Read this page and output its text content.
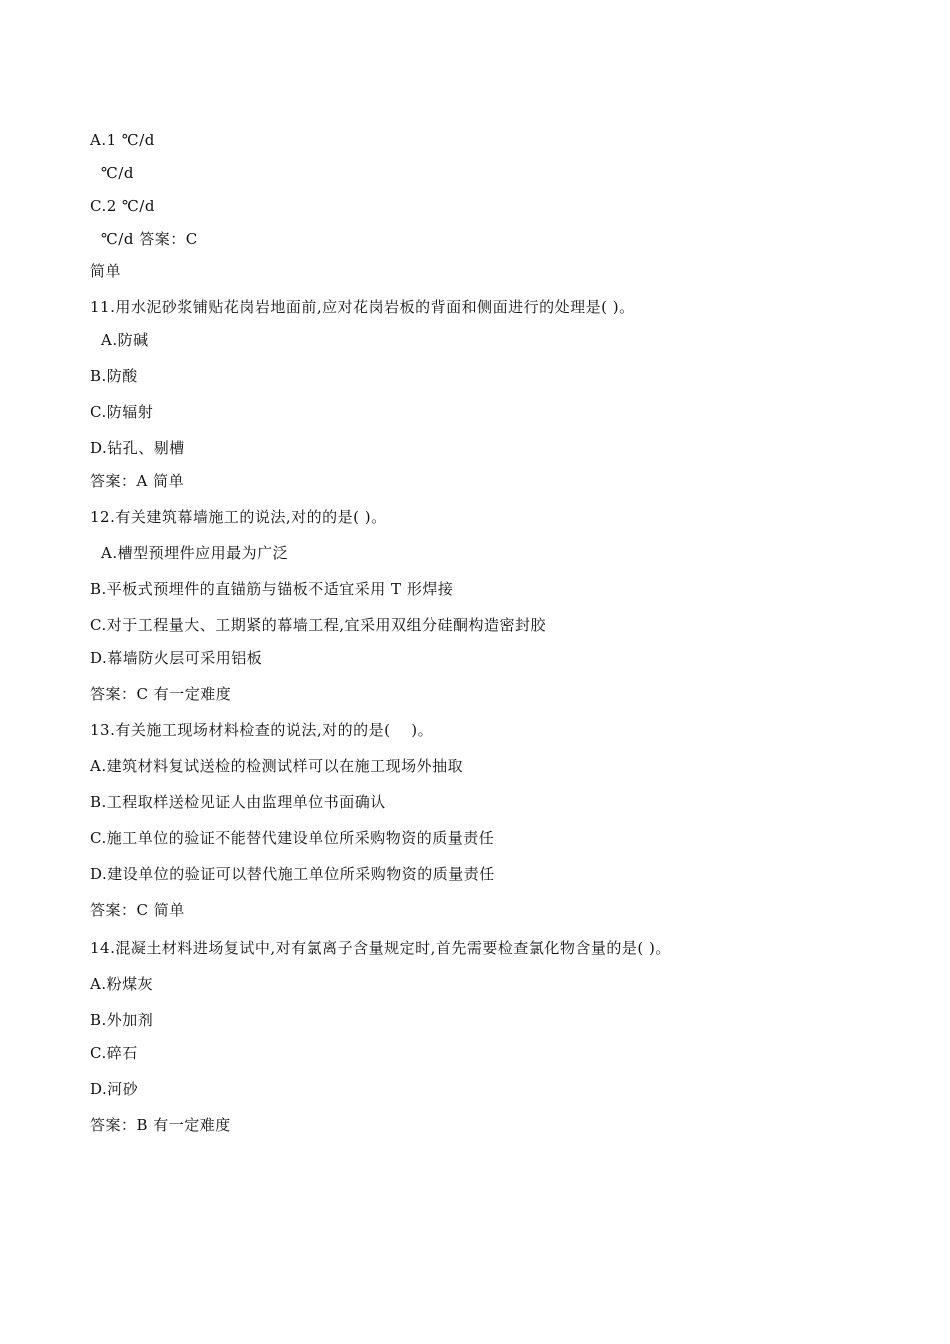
A.1 ℃/d
℃/d
C.2 ℃/d
℃/d 答案：C
简单
11.用水泥砂浆铺贴花岗岩地面前,应对花岗岩板的背面和侧面进行的处理是( )。
A.防碱
B.防酸
C.防辐射
D.钻孔、剔槽
答案：A 简单
12.有关建筑幕墙施工的说法,对的的是( )。
A.槽型预埋件应用最为广泛
B.平板式预埋件的直锚筋与锚板不适宜采用 T 形焊接
C.对于工程量大、工期紧的幕墙工程,宜采用双组分硅酮构造密封胶
D.幕墙防火层可采用铝板
答案：C 有一定难度
13.有关施工现场材料检查的说法,对的的是(　 )。
A.建筑材料复试送检的检测试样可以在施工现场外抽取
B.工程取样送检见证人由监理单位书面确认
C.施工单位的验证不能替代建设单位所采购物资的质量责任
D.建设单位的验证可以替代施工单位所采购物资的质量责任
答案：C 简单
14.混凝土材料进场复试中,对有氯离子含量规定时,首先需要检查氯化物含量的是( )。
A.粉煤灰
B.外加剂
C.碎石
D.河砂
答案：B 有一定难度
